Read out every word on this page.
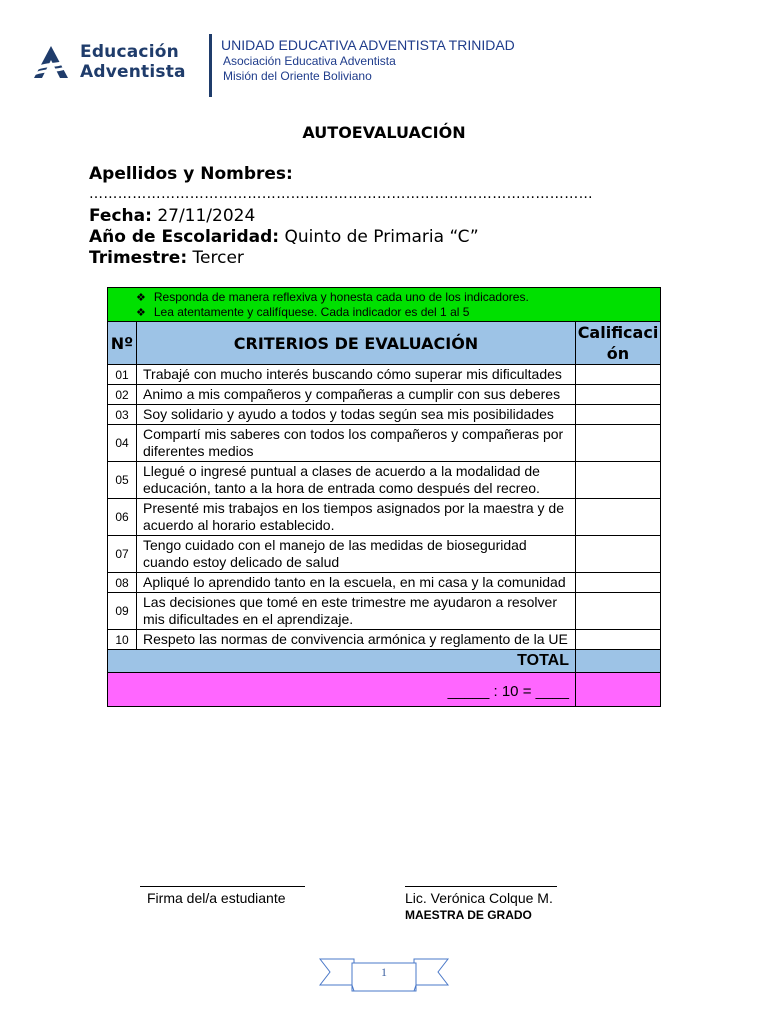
Educación
Adventista
UNIDAD EDUCATIVA ADVENTISTA TRINIDAD
Asociación Educativa Adventista
Misión del Oriente Boliviano
AUTOEVALUACIÓN
Apellidos y Nombres:
……………………………………………………………………………………………
Fecha: 27/11/2024
Año de Escolaridad: Quinto de Primaria “C”
Trimestre: Tercer
❖ Responda de manera reflexiva y honesta cada uno de los indicadores.
❖ Lea atentamente y califíquese. Cada indicador es del 1 al 5		

Nº	CRITERIOS DE EVALUACIÓN	Calificación
01	Trabajé con mucho interés buscando cómo superar mis dificultades	
02	Animo a mis compañeros y compañeras a cumplir con sus deberes	
03	Soy solidario y ayudo a todos y todas según sea mis posibilidades	
04	Compartí mis saberes con todos los compañeros y compañeras por diferentes medios	
05	Llegué o ingresé puntual a clases de acuerdo a la modalidad de educación, tanto a la hora de entrada como después del recreo.	
06	Presenté mis trabajos en los tiempos asignados por la maestra y de acuerdo al horario establecido.	
07	Tengo cuidado con el manejo de las medidas de bioseguridad cuando estoy delicado de salud	
08	Apliqué lo aprendido tanto en la escuela, en mi casa y la comunidad	
09	Las decisiones que tomé en este trimestre me ayudaron a resolver mis dificultades en el aprendizaje.	
10	Respeto las normas de convivencia armónica y reglamento de la UE	
TOTAL		
_____ : 10 = ____		
Firma del/a estudiante	Lic. Verónica Colque M.
MAESTRA DE GRADO
1
